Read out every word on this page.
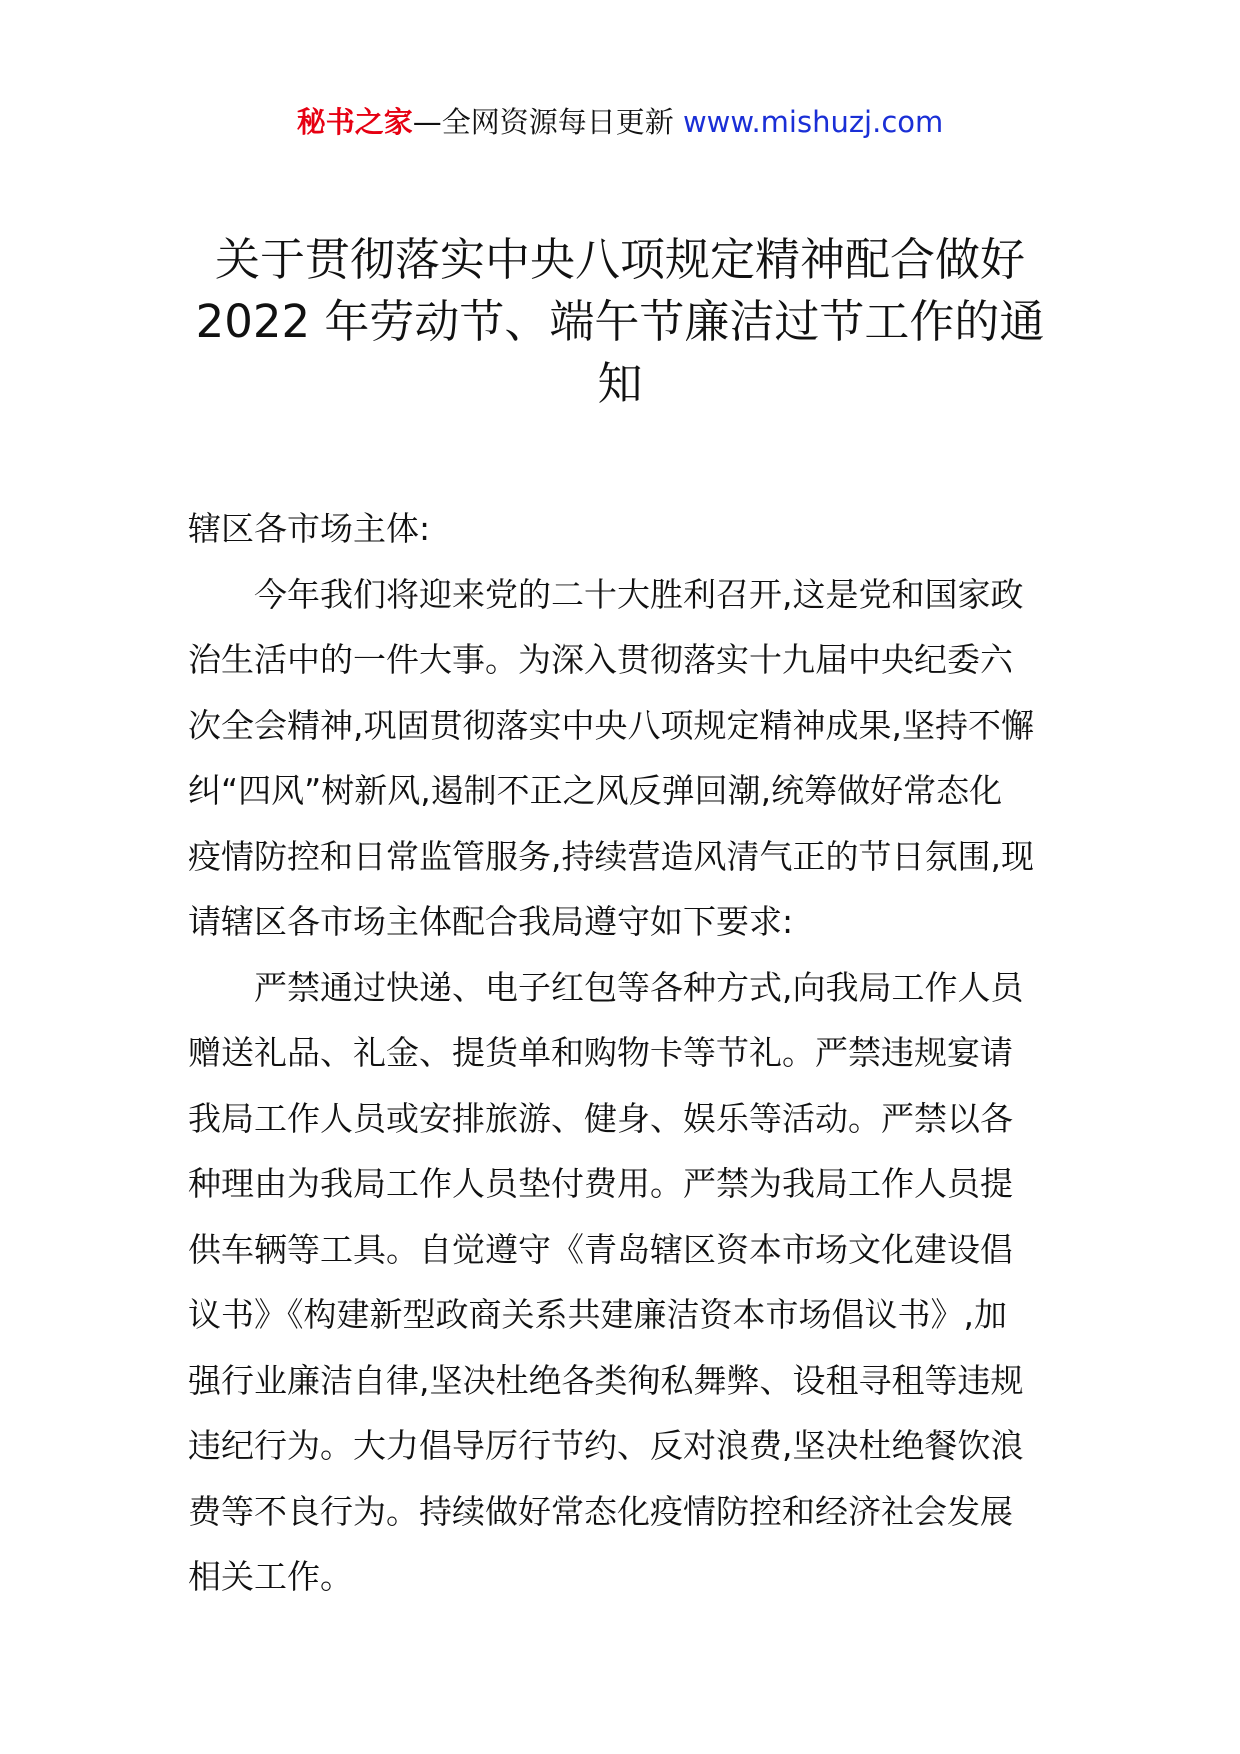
秘书之家—全网资源每日更新 www.mishuzj.com
关于贯彻落实中央八项规定精神配合做好
2022 年劳动节、端午节廉洁过节工作的通
知
辖区各市场主体:
　　今年我们将迎来党的二十大胜利召开,这是党和国家政
治生活中的一件大事。为深入贯彻落实十九届中央纪委六
次全会精神,巩固贯彻落实中央八项规定精神成果,坚持不懈
纠“四风”树新风,遏制不正之风反弹回潮,统筹做好常态化
疫情防控和日常监管服务,持续营造风清气正的节日氛围,现
请辖区各市场主体配合我局遵守如下要求:
　　严禁通过快递、电子红包等各种方式,向我局工作人员
赠送礼品、礼金、提货单和购物卡等节礼。严禁违规宴请
我局工作人员或安排旅游、健身、娱乐等活动。严禁以各
种理由为我局工作人员垫付费用。严禁为我局工作人员提
供车辆等工具。自觉遵守《青岛辖区资本市场文化建设倡
议书》《构建新型政商关系共建廉洁资本市场倡议书》,加
强行业廉洁自律,坚决杜绝各类徇私舞弊、设租寻租等违规
违纪行为。大力倡导厉行节约、反对浪费,坚决杜绝餐饮浪
费等不良行为。持续做好常态化疫情防控和经济社会发展
相关工作。
